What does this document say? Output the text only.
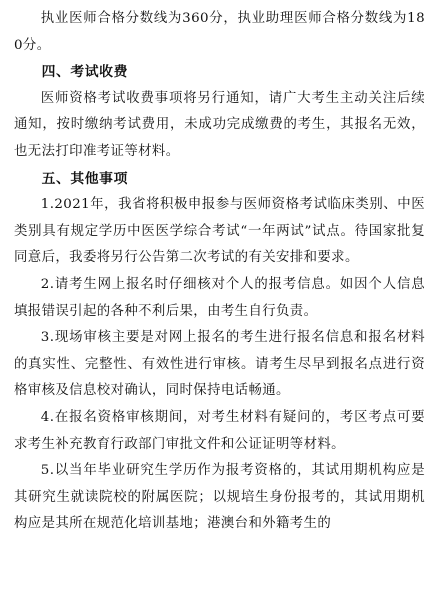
执业医师合格分数线为360分，执业助理医师合格分数线为180分。

四、考试收费

医师资格考试收费事项将另行通知，请广大考生主动关注后续通知，按时缴纳考试费用，未成功完成缴费的考生，其报名无效，也无法打印准考证等材料。

五、其他事项

1.2021年，我省将积极申报参与医师资格考试临床类别、中医类别具有规定学历中医医学综合考试“一年两试”试点。待国家批复同意后，我委将另行公告第二次考试的有关安排和要求。

2.请考生网上报名时仔细核对个人的报考信息。如因个人信息填报错误引起的各种不利后果，由考生自行负责。

3.现场审核主要是对网上报名的考生进行报名信息和报名材料的真实性、完整性、有效性进行审核。请考生尽早到报名点进行资格审核及信息校对确认，同时保持电话畅通。

4.在报名资格审核期间，对考生材料有疑问的，考区考点可要求考生补充教育行政部门审批文件和公证证明等材料。

5.以当年毕业研究生学历作为报考资格的，其试用期机构应是其研究生就读院校的附属医院；以规培生身份报考的，其试用期机构应是其所在规范化培训基地；港澳台和外籍考生的
